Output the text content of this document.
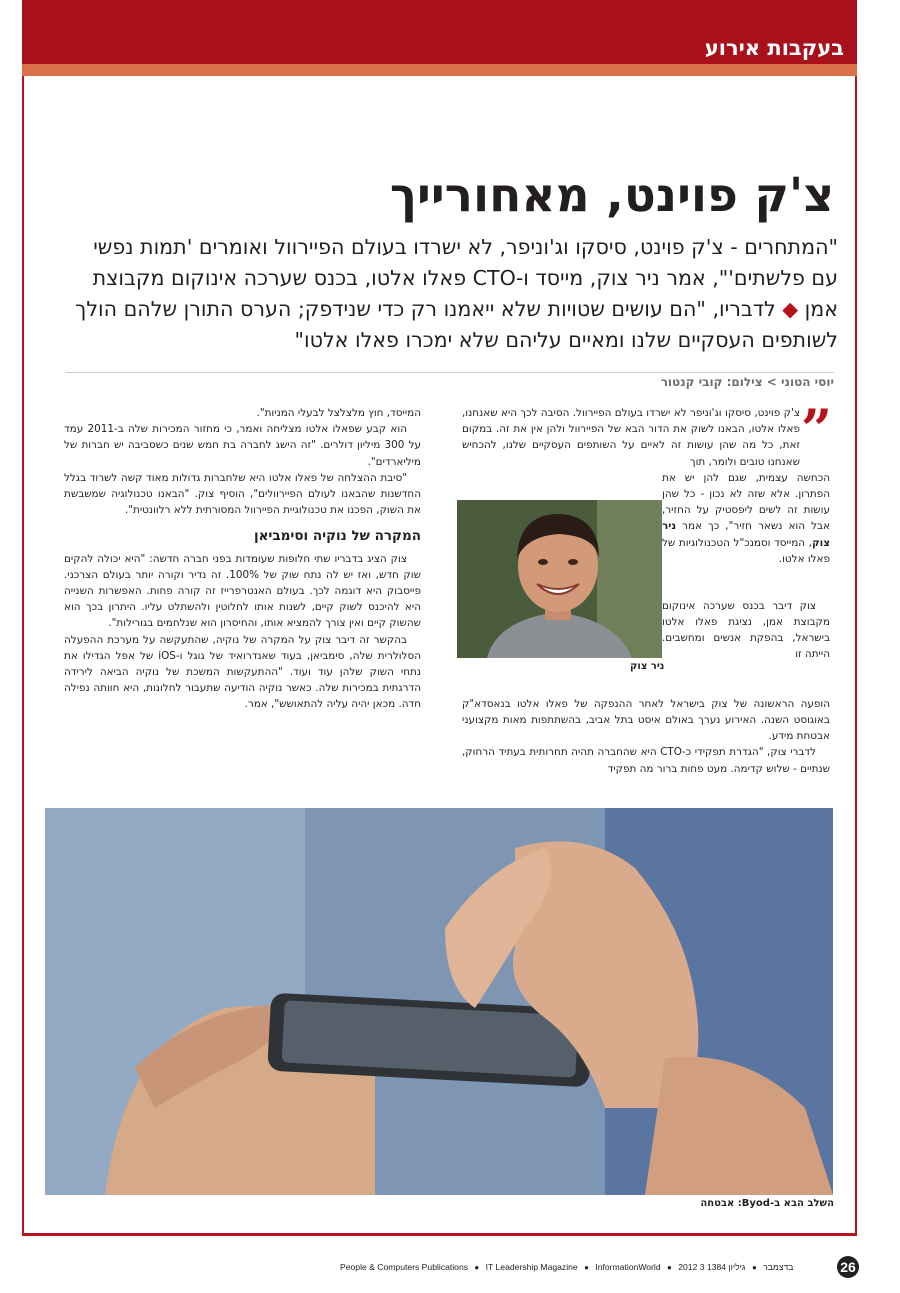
בעקבות אירוע
צ'ק פוינט, מאחורייך
"המתחרים - צ'ק פוינט, סיסקו וג'וניפר, לא ישרדו בעולם הפיירוול ואומרים 'תמות נפשי עם פלשתים'", אמר ניר צוק, מייסד ו-CTO פאלו אלטו, בכנס שערכה אינוקום מקבוצת אמן ◆ לדבריו, "הם עושים שטויות שלא ייאמנו רק כדי שנידפק; הערס התורן שלהם הולך לשותפים העסקיים שלנו ומאיים עליהם שלא ימכרו פאלו אלטו"
יוסי הטוני > צילום: קובי קנטור
”

צ'ק פוינט, סיסקו וג'וניפר לא ישרדו בעולם הפיירוול. הסיבה לכך היא שאנחנו, פאלו אלטו, הבאנו לשוק את הדור הבא של הפיירוול ולהן אין את זה. במקום זאת, כל מה שהן עושות זה לאיים על השותפים העסקיים שלנו, להכחיש שאנחנו טובים ולומר, תוך

הכחשה עצמית, שגם להן יש את הפתרון. אלא שזה לא נכון - כל שהן עושות זה לשים ליפסטיק על החזיר, אבל הוא נשאר חזיר", כך אמר ניר צוק, המייסד וסמנכ"ל הטכנולוגיות של פאלו אלטו.

צוק דיבר בכנס שערכה אינוקום מקבוצת אמן, נציגת פאלו אלטו בישראל, בהפקת אנשים ומחשבים. הייתה זו

הופעה הראשונה של צוק בישראל לאחר ההנפקה של פאלו אלטו בנאסדא"ק באוגוסט השנה. האירוע נערך באולם איסט בתל אביב, בהשתתפות מאות מקצועני אבטחת מידע.

לדברי צוק, "הגדרת תפקידי כ-CTO היא שהחברה תהיה תחרותית בעתיד הרחוק, שנתיים - שלוש קדימה. מעט פחות ברור מה תפקיד

המייסד, חוץ מלצלצל לבעלי המניות".

הוא קבע שפאלו אלטו מצליחה ואמר, כי מחזור המכירות שלה ב-2011 עמד על 300 מיליון דולרים. "זה הישג לחברה בת חמש שנים כשסביבה יש חברות של מיליארדים".

"סיבת ההצלחה של פאלו אלטו היא שלחברות גדולות מאוד קשה לשרוד בגלל החדשנות שהבאנו לעולם הפיירוולים", הוסיף צוק. "הבאנו טכנולוגיה שמשבשת את השוק, הפכנו את טכנולוגיית הפיירוול המסורתית ללא רלוונטית".

המקרה של נוקיה וסימביאן

צוק הציג בדבריו שתי חלופות שעומדות בפני חברה חדשה: "היא יכולה להקים שוק חדש, ואז יש לה נתח שוק של 100%. זה נדיר וקורה יותר בעולם הצרכני. פייסבוק היא דוגמה לכך. בעולם האנטרפרייז זה קורה פחות. האפשרות השנייה היא להיכנס לשוק קיים, לשנות אותו לחלוטין ולהשתלט עליו. היתרון בכך הוא שהשוק קיים ואין צורך להמציא אותו, והחיסרון הוא שנלחמים בגורילות".

בהקשר זה דיבר צוק על המקרה של נוקיה, שהתעקשה על מערכת ההפעלה הסלולרית שלה, סימביאן, בעוד שאנדרואיד של גוגל ו-iOS של אפל הגדילו את נתחי השוק שלהן עוד ועוד. "ההתעקשות המשכת של נוקיה הביאה לירידה הדרגתית במכירות שלה. כאשר נוקיה הודיעה שתעבור לחלונות, היא חוותה נפילה חדה. מכאן יהיה עליה להתאושש", אמר.

ניר צוק
השלב הבא ב-Byod: אבטחה
People & Computers Publications ● IT Leadership Magazine ● InformationWorld ● 2012 3 בדצמבר ● גיליון 1384	26
